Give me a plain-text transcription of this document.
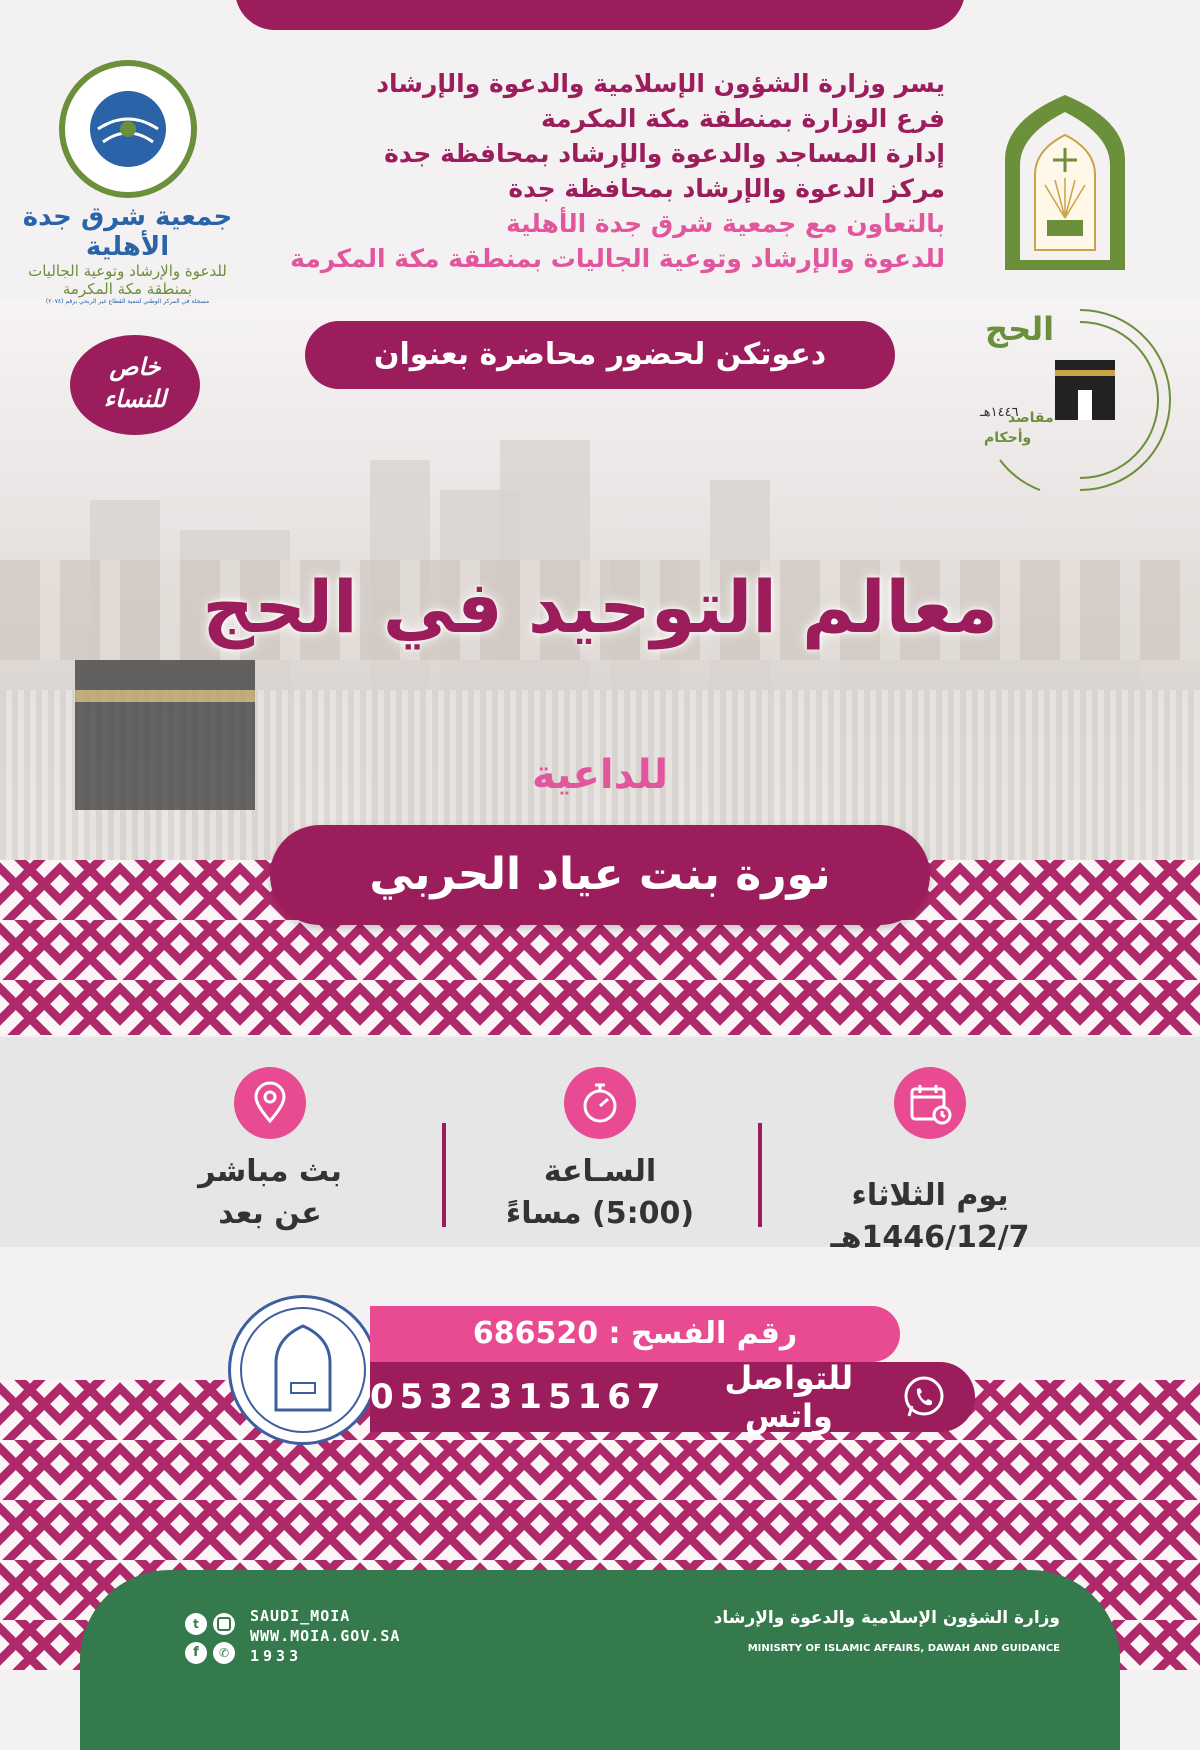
جمعية شرق جدة الأهلية
للدعوة والإرشاد وتوعية الجاليات
بمنطقة مكة المكرمة
مسجلة في المركز الوطني لتنمية القطاع غير الربحي برقم (٢٠٧٤)
يسر وزارة الشؤون الإسلامية والدعوة والإرشاد
فرع الوزارة بمنطقة مكة المكرمة
إدارة المساجد والدعوة والإرشاد بمحافظة جدة
مركز الدعوة والإرشاد بمحافظة جدة
بالتعاون مع جمعية شرق جدة الأهلية
للدعوة والإرشاد وتوعية الجاليات بمنطقة مكة المكرمة
دعوتكن لحضور محاضرة بعنوان
خاص
للنساء
الحج
١٤٤٦هـ
مقاصد
وأحكام
معالم التوحيد في الحج
للداعية
نورة بنت عياد الحربي
يوم الثلاثاء
1446/12/7هـ
السـاعة
(5:00) مساءً
بث مباشر
عن بعد
رقم الفسح : 686520
0532315167	للتواصل واتس
وزارة الشؤون الإسلامية والدعوة والإرشاد
MINISRTY OF ISLAMIC AFFAIRS, DAWAH AND GUIDANCE
t
f	✆
SAUDI_MOIA
WWW.MOIA.GOV.SA
1933
